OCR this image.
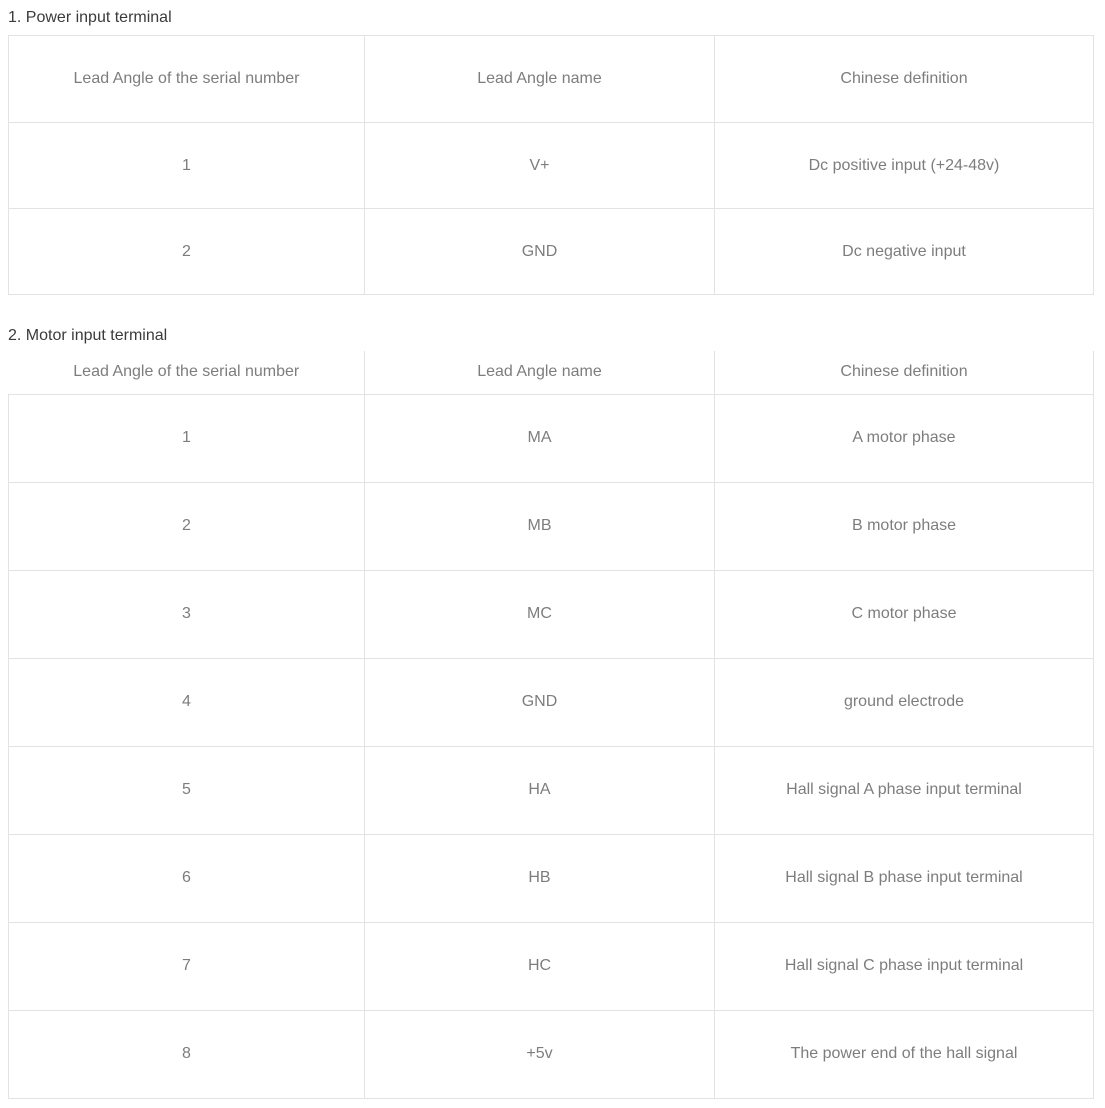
1. Power input terminal
Lead Angle of the serial number	Lead Angle name	Chinese definition
1	V+	Dc positive input (+24-48v)
2	GND	Dc negative input
2. Motor input terminal
Lead Angle of the serial number	Lead Angle name	Chinese definition
1	MA	A motor phase
2	MB	B motor phase
3	MC	C motor phase
4	GND	ground electrode
5	HA	Hall signal A phase input terminal
6	HB	Hall signal B phase input terminal
7	HC	Hall signal C phase input terminal
8	+5v	The power end of the hall signal
